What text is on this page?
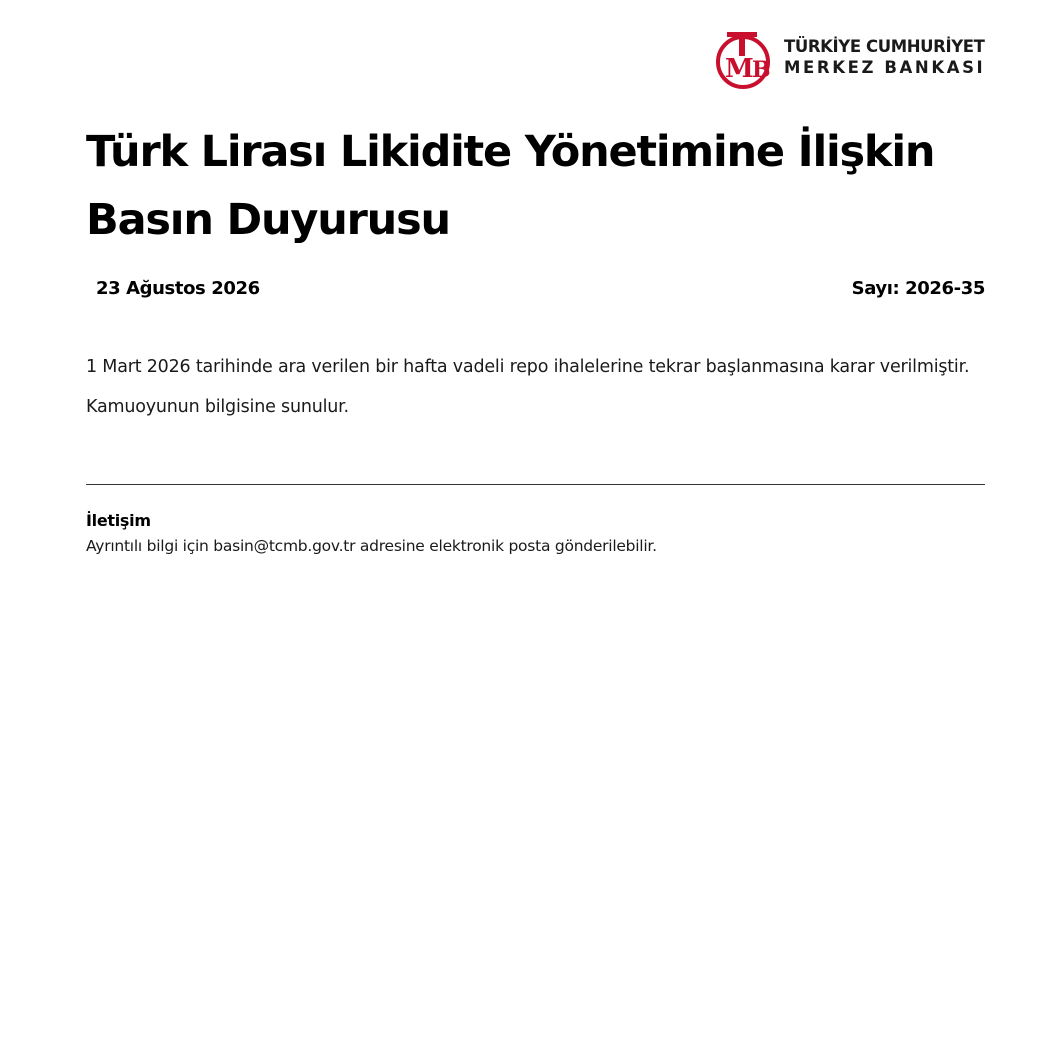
M
B
TÜRKİYE CUMHURİYET
MERKEZ BANKASI
Türk Lirası Likidite Yönetimine İlişkin Basın Duyurusu
23 Ağustos 2026	Sayı: 2026-35

1 Mart 2026 tarihinde ara verilen bir hafta vadeli repo ihalelerine tekrar başlanmasına karar verilmiştir.

Kamuoyunun bilgisine sunulur.

İletişim
Ayrıntılı bilgi için basin@tcmb.gov.tr adresine elektronik posta gönderilebilir.
